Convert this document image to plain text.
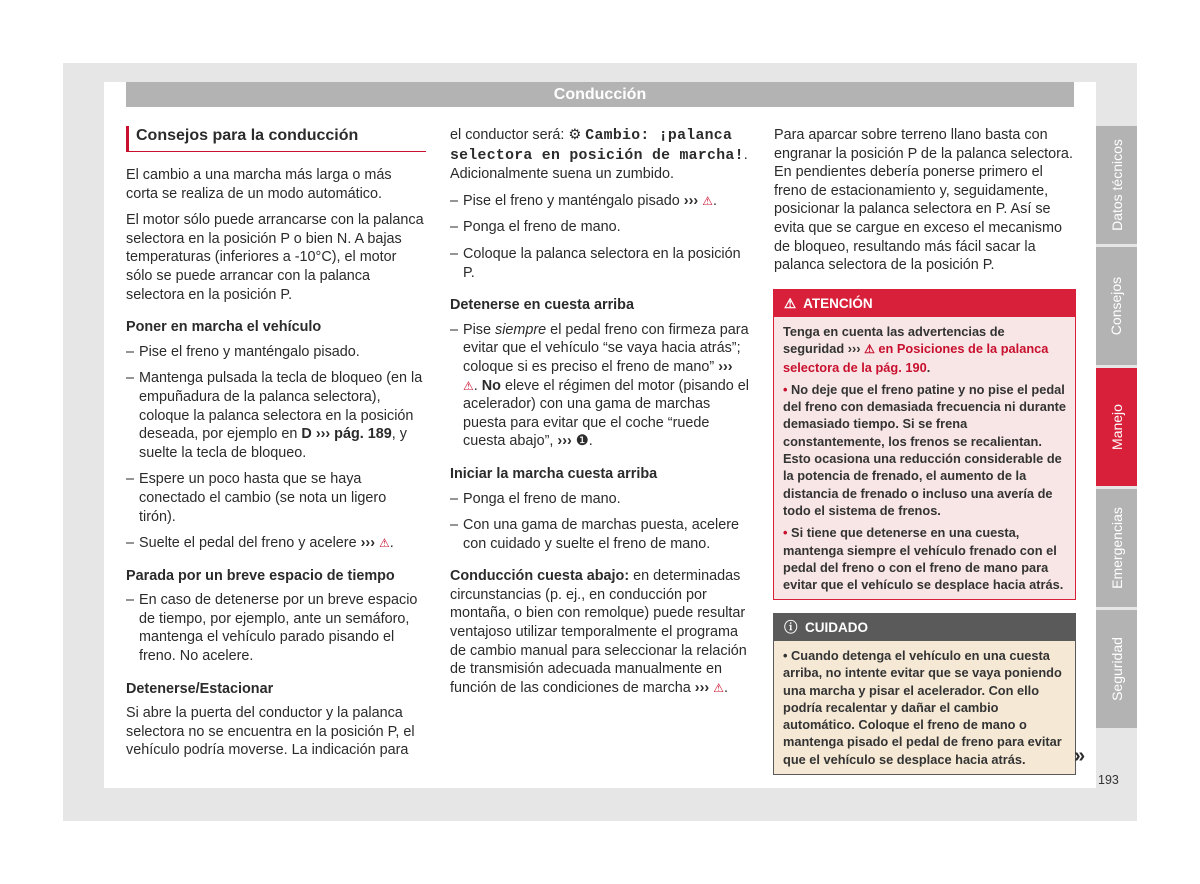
Conducción
Consejos para la conducción

El cambio a una marcha más larga o más corta se realiza de un modo automático.

El motor sólo puede arrancarse con la palanca selectora en la posición P o bien N. A bajas temperaturas (inferiores a -10°C), el motor sólo se puede arrancar con la palanca selectora en la posición P.

Poner en marcha el vehículo
– Pise el freno y manténgalo pisado.
– Mantenga pulsada la tecla de bloqueo (en la empuñadura de la palanca selectora), coloque la palanca selectora en la posición deseada, por ejemplo en D ››› pág. 189, y suelte la tecla de bloqueo.
– Espere un poco hasta que se haya conectado el cambio (se nota un ligero tirón).
– Suelte el pedal del freno y acelere ››› ⚠.
Parada por un breve espacio de tiempo
– En caso de detenerse por un breve espacio de tiempo, por ejemplo, ante un semáforo, mantenga el vehículo parado pisando el freno. No acelere.
Detenerse/Estacionar

Si abre la puerta del conductor y la palanca selectora no se encuentra en la posición P, el vehículo podría moverse. La indicación para

el conductor será: ⚙ Cambio: ¡palanca selectora en posición de marcha!. Adicionalmente suena un zumbido.

– Pise el freno y manténgalo pisado ››› ⚠.
– Ponga el freno de mano.
– Coloque la palanca selectora en la posición P.
Detenerse en cuesta arriba
– Pise siempre el pedal freno con firmeza para evitar que el vehículo “se vaya hacia atrás”; coloque si es preciso el freno de mano” ››› ⚠. No eleve el régimen del motor (pisando el acelerador) con una gama de marchas puesta para evitar que el coche “ruede cuesta abajo”, ››› ❶.
Iniciar la marcha cuesta arriba
– Ponga el freno de mano.
– Con una gama de marchas puesta, acelere con cuidado y suelte el freno de mano.

Conducción cuesta abajo: en determinadas circunstancias (p. ej., en conducción por montaña, o bien con remolque) puede resultar ventajoso utilizar temporalmente el programa de cambio manual para seleccionar la relación de transmisión adecuada manualmente en función de las condiciones de marcha ››› ⚠.

Para aparcar sobre terreno llano basta con engranar la posición P de la palanca selectora. En pendientes debería ponerse primero el freno de estacionamiento y, seguidamente, posicionar la palanca selectora en P. Así se evita que se cargue en exceso el mecanismo de bloqueo, resultando más fácil sacar la palanca selectora de la posición P.

⚠ ATENCIÓN

Tenga en cuenta las advertencias de seguridad ››› ⚠ en Posiciones de la palanca selectora de la pág. 190.

• No deje que el freno patine y no pise el pedal del freno con demasiada frecuencia ni durante demasiado tiempo. Si se frena constantemente, los frenos se recalientan. Esto ocasiona una reducción considerable de la potencia de frenado, el aumento de la distancia de frenado o incluso una avería de todo el sistema de frenos.

• Si tiene que detenerse en una cuesta, mantenga siempre el vehículo frenado con el pedal del freno o con el freno de mano para evitar que el vehículo se desplace hacia atrás.

ⓘ CUIDADO

• Cuando detenga el vehículo en una cuesta arriba, no intente evitar que se vaya poniendo una marcha y pisar el acelerador. Con ello podría recalentar y dañar el cambio automático. Coloque el freno de mano o mantenga pisado el pedal de freno para evitar que el vehículo se desplace hacia atrás.	»
Datos técnicos
Consejos
Manejo
Emergencias
Seguridad
193
